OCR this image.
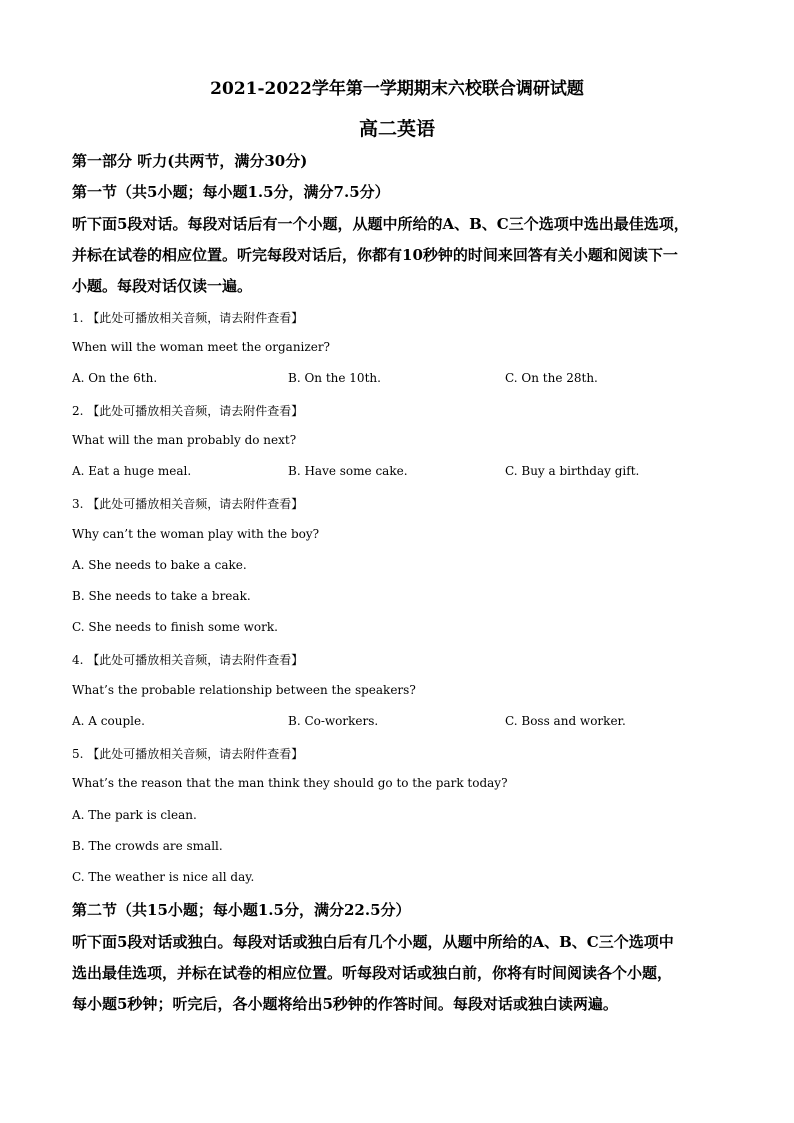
2021-2022学年第一学期期末六校联合调研试题
高二英语
第一部分 听力(共两节，满分30分)
第一节（共5小题；每小题1.5分，满分7.5分）
听下面5段对话。每段对话后有一个小题，从题中所给的A、B、C三个选项中选出最佳选项，
并标在试卷的相应位置。听完每段对话后，你都有10秒钟的时间来回答有关小题和阅读下一
小题。每段对话仅读一遍。
1. 【此处可播放相关音频，请去附件查看】
When will the woman meet the organizer?
A. On the 6th.	B. On the 10th.	C. On the 28th.
2. 【此处可播放相关音频，请去附件查看】
What will the man probably do next?
A. Eat a huge meal.	B. Have some cake.	C. Buy a birthday gift.
3. 【此处可播放相关音频，请去附件查看】
Why can’t the woman play with the boy?
A. She needs to bake a cake.
B. She needs to take a break.
C. She needs to finish some work.
4. 【此处可播放相关音频，请去附件查看】
What’s the probable relationship between the speakers?
A. A couple.	B. Co-workers.	C. Boss and worker.
5. 【此处可播放相关音频，请去附件查看】
What’s the reason that the man think they should go to the park today?
A. The park is clean.
B. The crowds are small.
C. The weather is nice all day.
第二节（共15小题；每小题1.5分，满分22.5分）
听下面5段对话或独白。每段对话或独白后有几个小题，从题中所给的A、B、C三个选项中
选出最佳选项，并标在试卷的相应位置。听每段对话或独白前，你将有时间阅读各个小题，
每小题5秒钟；听完后，各小题将给出5秒钟的作答时间。每段对话或独白读两遍。
